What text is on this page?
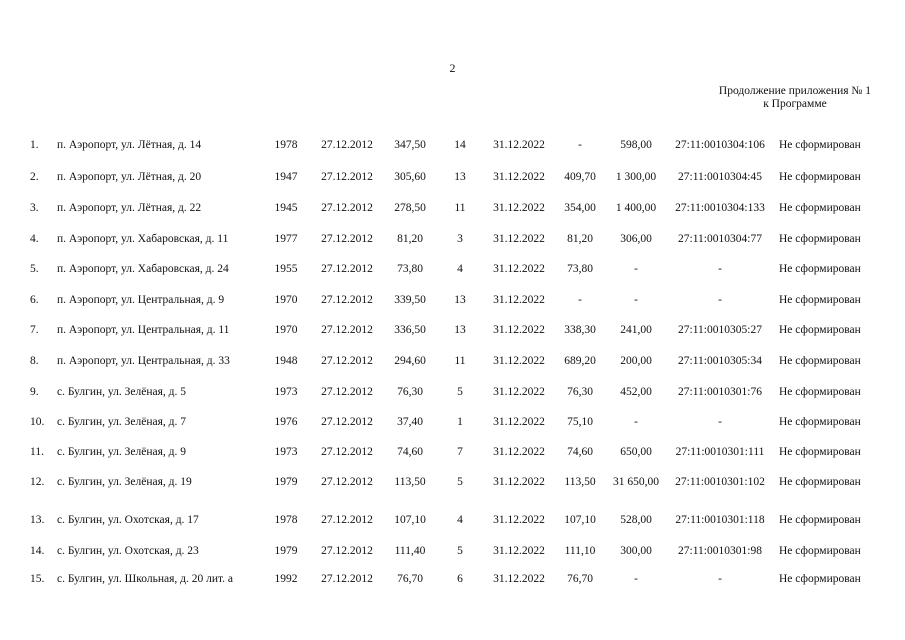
2
Продолжение приложения № 1
к Программе
1. п. Аэропорт, ул. Лётная, д. 14	1978	27.12.2012	347,50	14	31.12.2022	-	598,00	27:11:0010304:106	Не сформирован
2. п. Аэропорт, ул. Лётная, д. 20	1947	27.12.2012	305,60	13	31.12.2022	409,70	1 300,00	27:11:0010304:45	Не сформирован
3. п. Аэропорт, ул. Лётная, д. 22	1945	27.12.2012	278,50	11	31.12.2022	354,00	1 400,00	27:11:0010304:133	Не сформирован
4. п. Аэропорт, ул. Хабаровская, д. 11	1977	27.12.2012	81,20	3	31.12.2022	81,20	306,00	27:11:0010304:77	Не сформирован
5. п. Аэропорт, ул. Хабаровская, д. 24	1955	27.12.2012	73,80	4	31.12.2022	73,80	-	-	Не сформирован
6. п. Аэропорт, ул. Центральная, д. 9	1970	27.12.2012	339,50	13	31.12.2022	-	-	-	Не сформирован
7. п. Аэропорт, ул. Центральная, д. 11	1970	27.12.2012	336,50	13	31.12.2022	338,30	241,00	27:11:0010305:27	Не сформирован
8. п. Аэропорт, ул. Центральная, д. 33	1948	27.12.2012	294,60	11	31.12.2022	689,20	200,00	27:11:0010305:34	Не сформирован
9. с. Булгин, ул. Зелёная, д. 5	1973	27.12.2012	76,30	5	31.12.2022	76,30	452,00	27:11:0010301:76	Не сформирован
10. с. Булгин, ул. Зелёная, д. 7	1976	27.12.2012	37,40	1	31.12.2022	75,10	-	-	Не сформирован
11. с. Булгин, ул. Зелёная, д. 9	1973	27.12.2012	74,60	7	31.12.2022	74,60	650,00	27:11:0010301:111	Не сформирован
12. с. Булгин, ул. Зелёная, д. 19	1979	27.12.2012	113,50	5	31.12.2022	113,50	31 650,00	27:11:0010301:102	Не сформирован
13. с. Булгин, ул. Охотская, д. 17	1978	27.12.2012	107,10	4	31.12.2022	107,10	528,00	27:11:0010301:118	Не сформирован
14. с. Булгин, ул. Охотская, д. 23	1979	27.12.2012	111,40	5	31.12.2022	111,10	300,00	27:11:0010301:98	Не сформирован
15. с. Булгин, ул. Школьная, д. 20 лит. а	1992	27.12.2012	76,70	6	31.12.2022	76,70	-	-	Не сформирован
